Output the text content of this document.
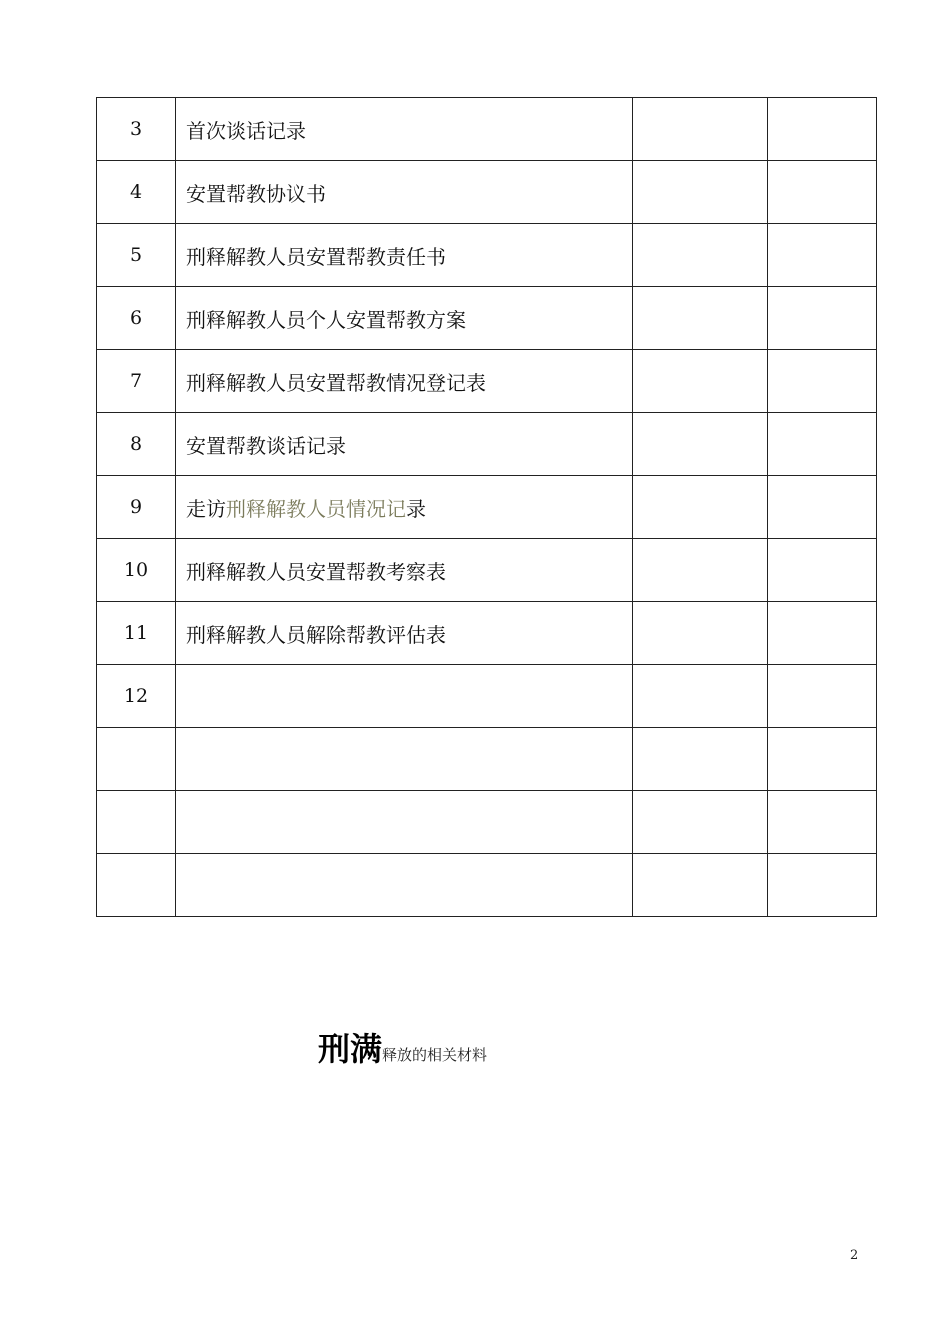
3	首次谈话记录		
4	安置帮教协议书		
5	刑释解教人员安置帮教责任书		
6	刑释解教人员个人安置帮教方案		
7	刑释解教人员安置帮教情况登记表		
8	安置帮教谈话记录		
9	走访刑释解教人员情况记录		
10	刑释解教人员安置帮教考察表		
11	刑释解教人员解除帮教评估表		
12			

刑满释放的相关材料
2
